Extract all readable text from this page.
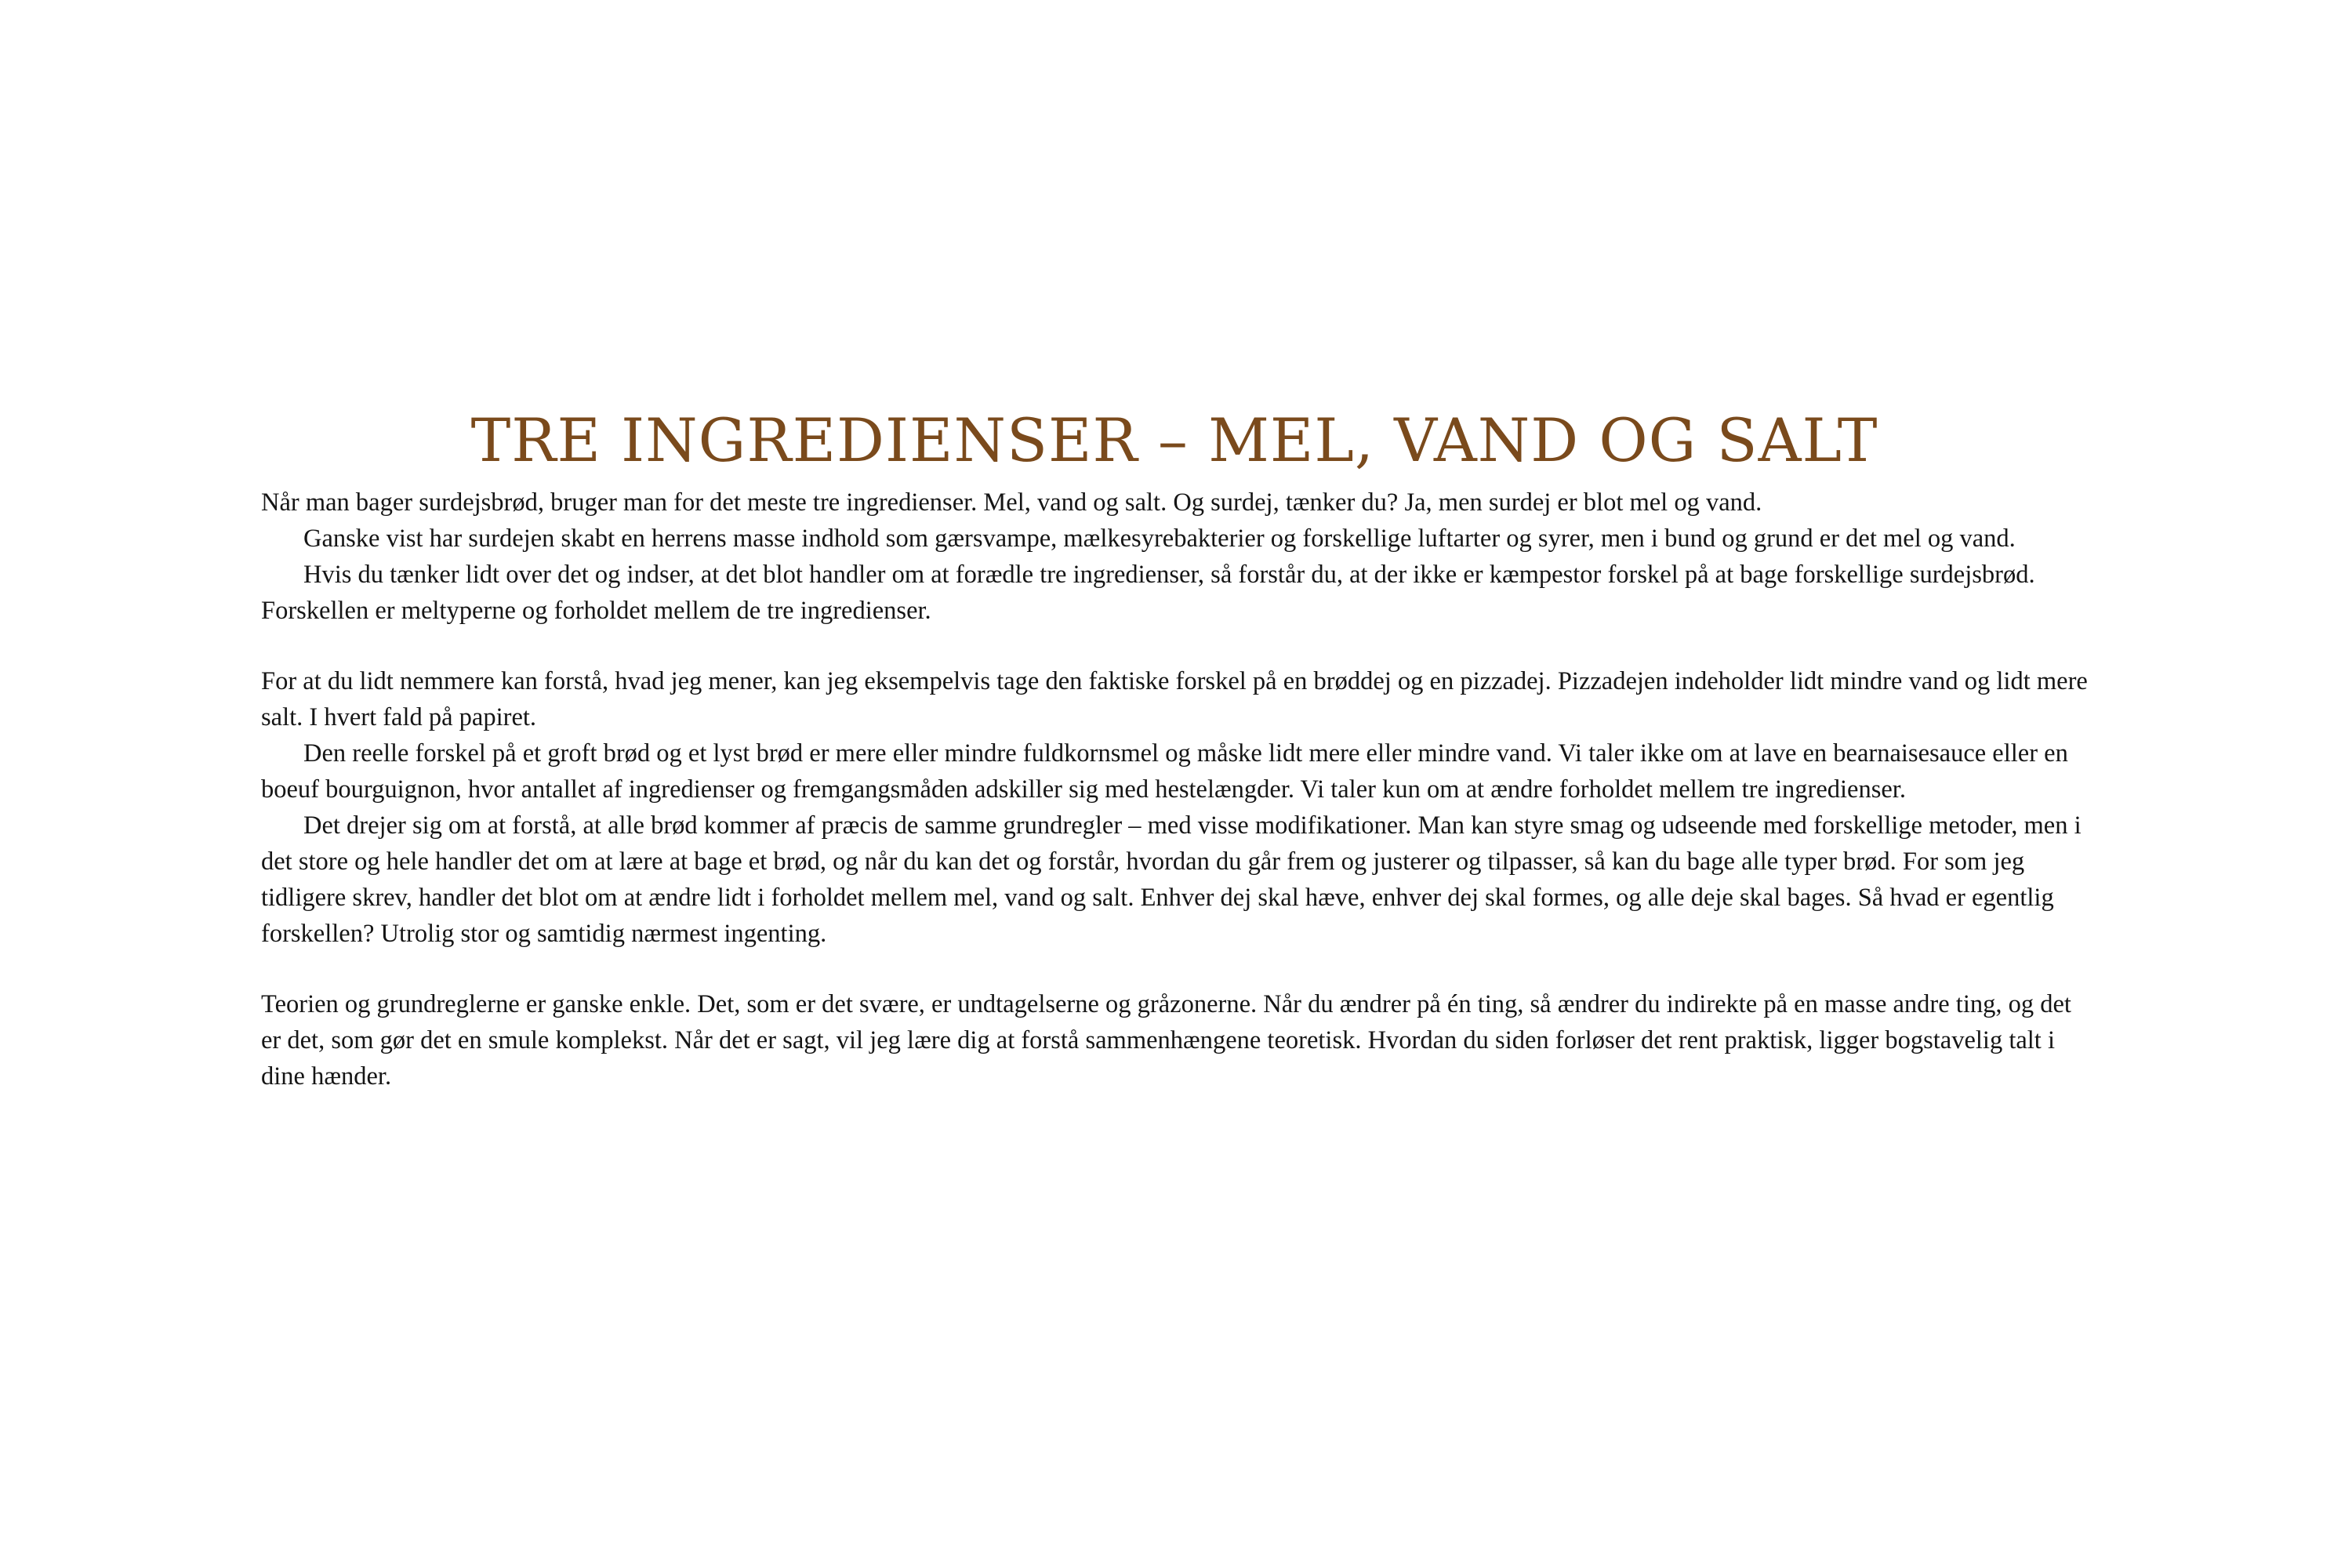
TRE INGREDIENSER – MEL, VAND OG SALT

Når man bager surdejsbrød, bruger man for det meste tre ingredienser. Mel, vand og salt. Og surdej, tænker du? Ja, men surdej er blot mel og vand.

Ganske vist har surdejen skabt en herrens masse indhold som gærsvampe, mælkesyrebakterier og forskellige luftarter og syrer, men i bund og grund er det mel og vand.

Hvis du tænker lidt over det og indser, at det blot handler om at forædle tre ingredienser, så forstår du, at der ikke er kæmpestor forskel på at bage forskellige surdejsbrød. Forskellen er meltyperne og forholdet mellem de tre ingredienser.

For at du lidt nemmere kan forstå, hvad jeg mener, kan jeg eksempelvis tage den faktiske forskel på en brøddej og en pizzadej. Pizzadejen indeholder lidt mindre vand og lidt mere salt. I hvert fald på papiret.

Den reelle forskel på et groft brød og et lyst brød er mere eller mindre fuldkornsmel og måske lidt mere eller mindre vand. Vi taler ikke om at lave en bearnaisesauce eller en boeuf bourguignon, hvor antallet af ingredienser og fremgangsmåden adskiller sig med hestelængder. Vi taler kun om at ændre forholdet mellem tre ingredienser.

Det drejer sig om at forstå, at alle brød kommer af præcis de samme grundregler – med visse modifikationer. Man kan styre smag og udseende med forskellige metoder, men i det store og hele handler det om at lære at bage et brød, og når du kan det og forstår, hvordan du går frem og justerer og tilpasser, så kan du bage alle typer brød. For som jeg tidligere skrev, handler det blot om at ændre lidt i forholdet mellem mel, vand og salt. Enhver dej skal hæve, enhver dej skal formes, og alle deje skal bages. Så hvad er egentlig forskellen? Utrolig stor og samtidig nærmest ingenting.

Teorien og grundreglerne er ganske enkle. Det, som er det svære, er undtagelserne og gråzonerne. Når du ændrer på én ting, så ændrer du indirekte på en masse andre ting, og det er det, som gør det en smule komplekst. Når det er sagt, vil jeg lære dig at forstå sammenhængene teoretisk. Hvordan du siden forløser det rent praktisk, ligger bogstavelig talt i dine hænder.
